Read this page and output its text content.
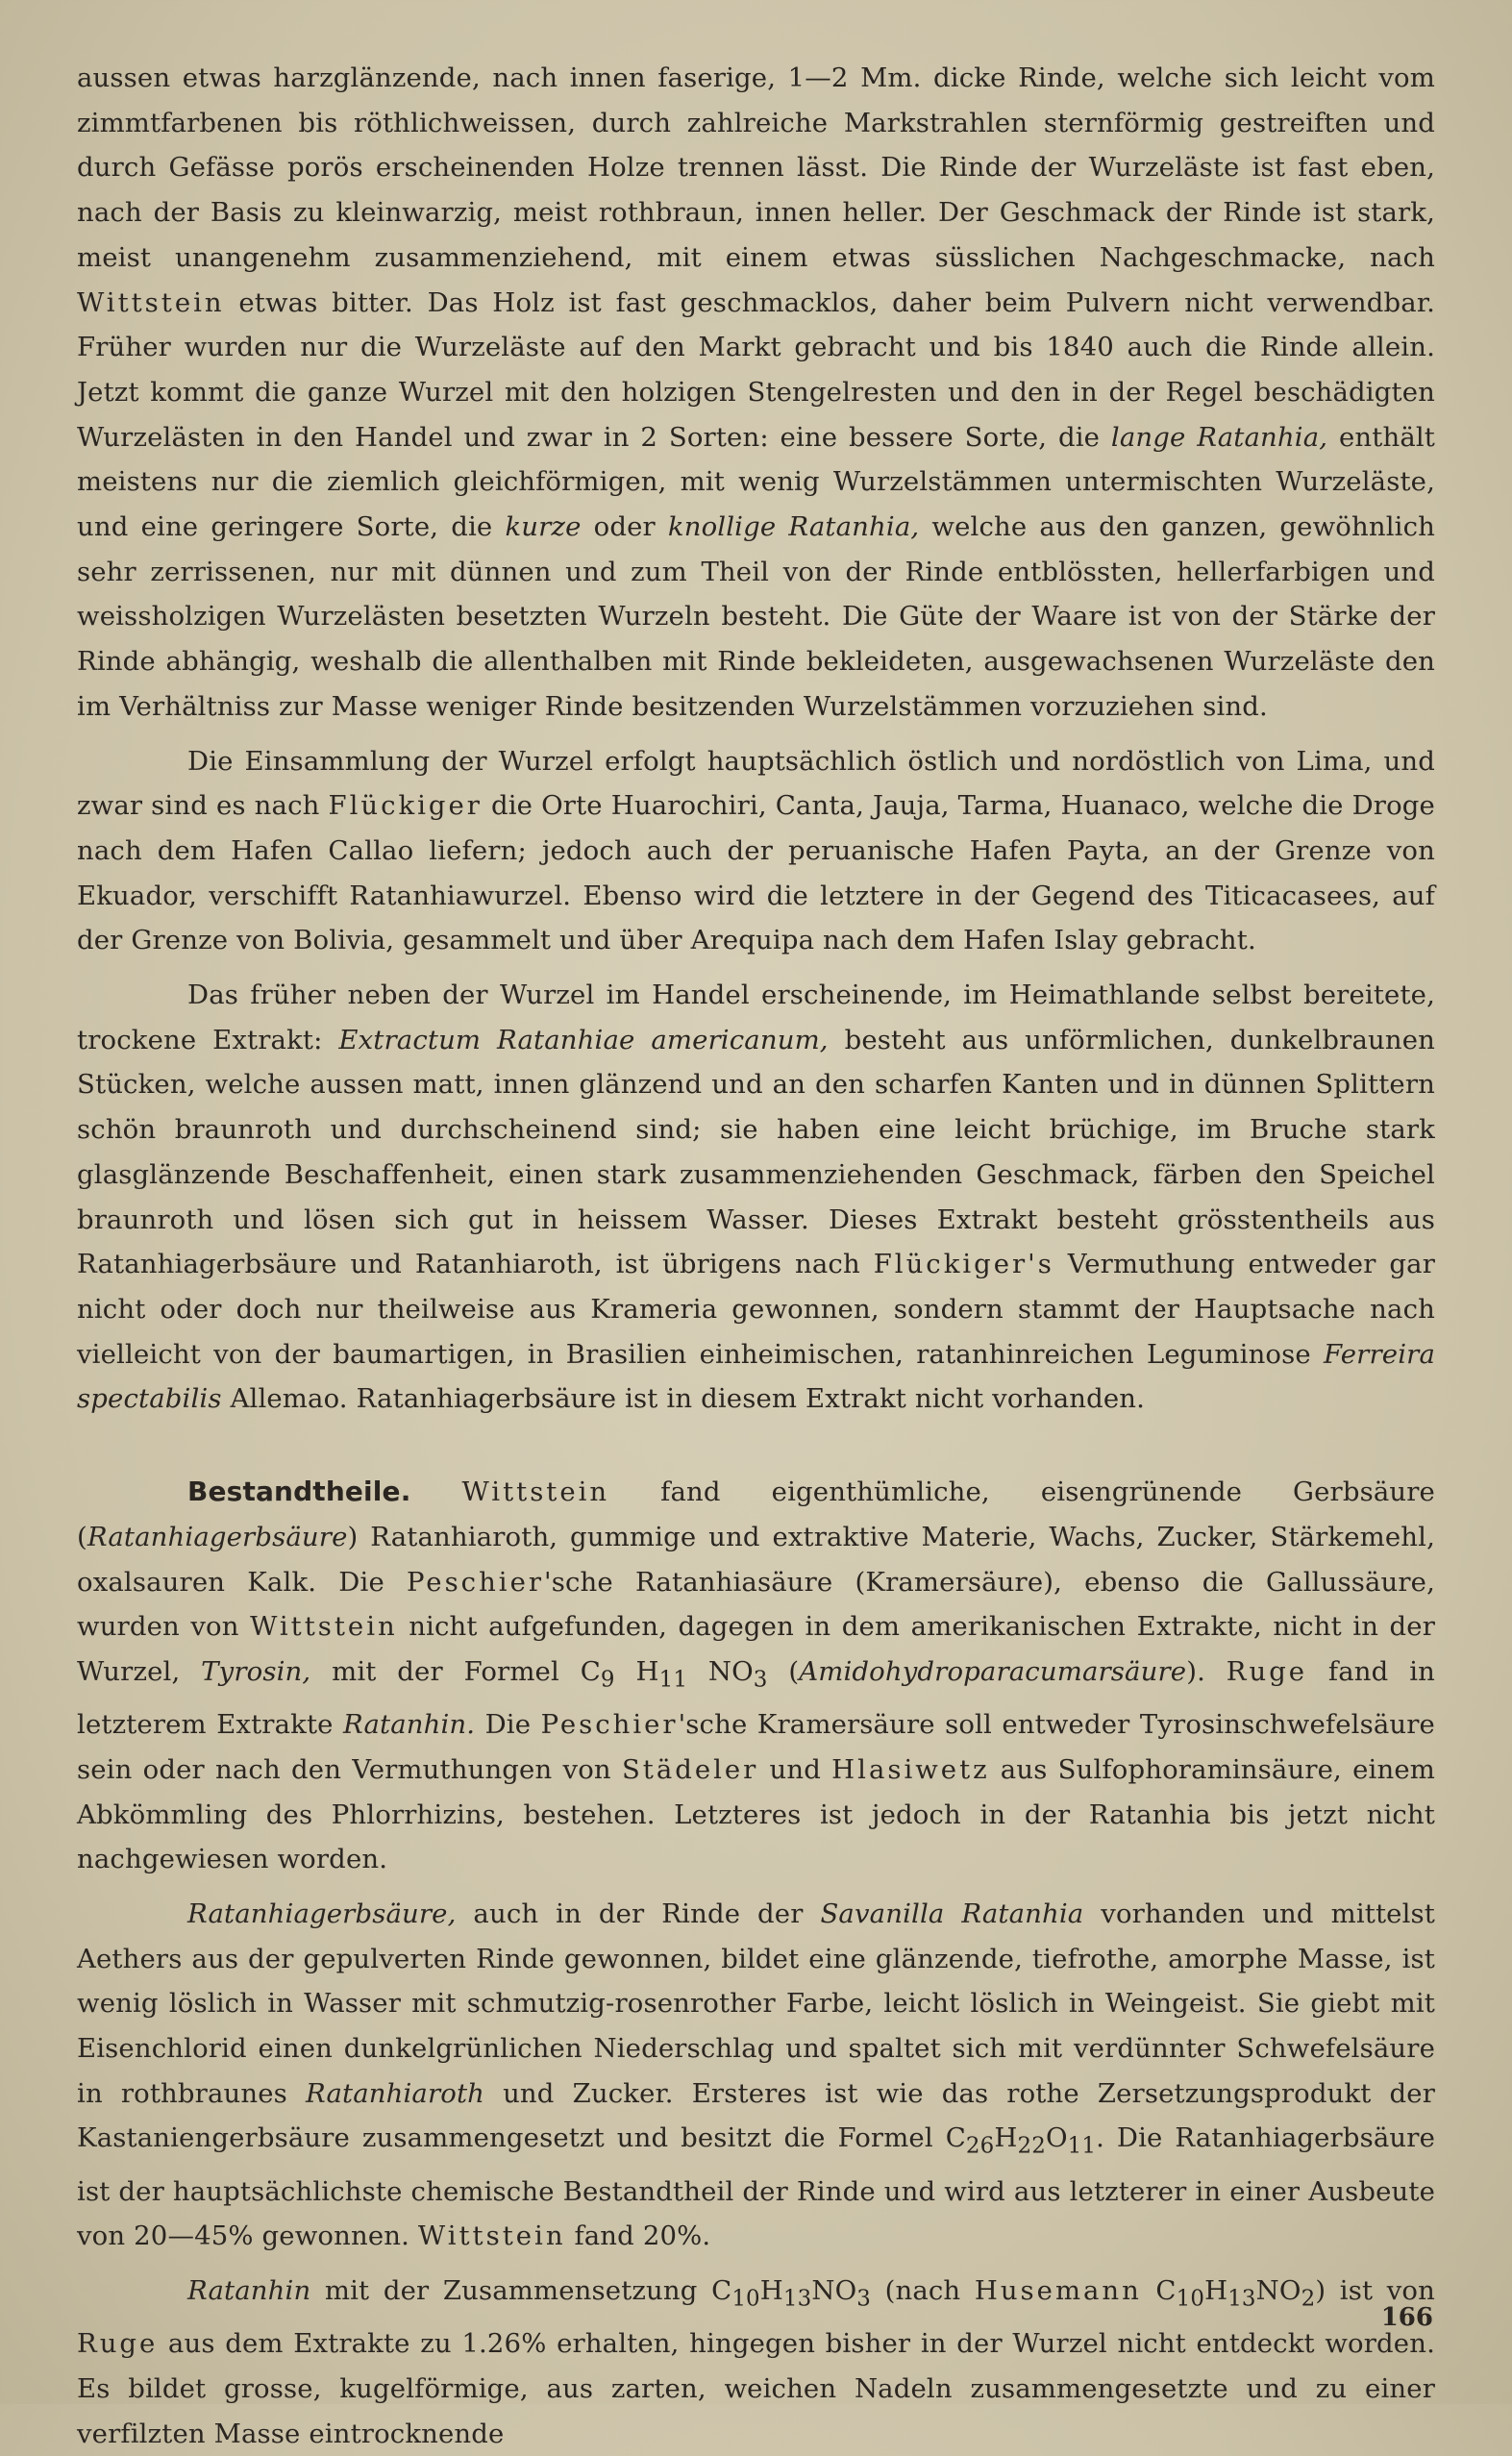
aussen etwas harzglänzende, nach innen faserige, 1—2 Mm. dicke Rinde, welche sich leicht vom zimmtfarbenen bis röthlichweissen, durch zahlreiche Markstrahlen sternförmig gestreiften und durch Gefässe porös erscheinenden Holze trennen lässt. Die Rinde der Wurzeläste ist fast eben, nach der Basis zu kleinwarzig, meist rothbraun, innen heller. Der Geschmack der Rinde ist stark, meist unangenehm zusammenziehend, mit einem etwas süsslichen Nachgeschmacke, nach Wittstein etwas bitter. Das Holz ist fast geschmacklos, daher beim Pulvern nicht verwendbar. Früher wurden nur die Wurzeläste auf den Markt gebracht und bis 1840 auch die Rinde allein. Jetzt kommt die ganze Wurzel mit den holzigen Stengelresten und den in der Regel beschädigten Wurzelästen in den Handel und zwar in 2 Sorten: eine bessere Sorte, die lange Ratanhia, enthält meistens nur die ziemlich gleichförmigen, mit wenig Wurzelstämmen untermischten Wurzeläste, und eine geringere Sorte, die kurze oder knollige Ratanhia, welche aus den ganzen, gewöhnlich sehr zerrissenen, nur mit dünnen und zum Theil von der Rinde entblössten, hellerfarbigen und weissholzigen Wurzelästen besetzten Wurzeln besteht. Die Güte der Waare ist von der Stärke der Rinde abhängig, weshalb die allenthalben mit Rinde bekleideten, ausgewachsenen Wurzeläste den im Verhältniss zur Masse weniger Rinde besitzenden Wurzelstämmen vorzuziehen sind.

Die Einsammlung der Wurzel erfolgt hauptsächlich östlich und nordöstlich von Lima, und zwar sind es nach Flückiger die Orte Huarochiri, Canta, Jauja, Tarma, Huanaco, welche die Droge nach dem Hafen Callao liefern; jedoch auch der peruanische Hafen Payta, an der Grenze von Ekuador, verschifft Ratanhiawurzel. Ebenso wird die letztere in der Gegend des Titicacasees, auf der Grenze von Bolivia, gesammelt und über Arequipa nach dem Hafen Islay gebracht.

Das früher neben der Wurzel im Handel erscheinende, im Heimathlande selbst bereitete, trockene Extrakt: Extractum Ratanhiae americanum, besteht aus unförmlichen, dunkelbraunen Stücken, welche aussen matt, innen glänzend und an den scharfen Kanten und in dünnen Splittern schön braunroth und durchscheinend sind; sie haben eine leicht brüchige, im Bruche stark glasglänzende Beschaffenheit, einen stark zusammenziehenden Geschmack, färben den Speichel braunroth und lösen sich gut in heissem Wasser. Dieses Extrakt besteht grösstentheils aus Ratanhiagerbsäure und Ratanhiaroth, ist übrigens nach Flückiger's Vermuthung entweder gar nicht oder doch nur theilweise aus Krameria gewonnen, sondern stammt der Hauptsache nach vielleicht von der baumartigen, in Brasilien einheimischen, ratanhinreichen Leguminose Ferreira spectabilis Allemao. Ratanhiagerbsäure ist in diesem Extrakt nicht vorhanden.

Bestandtheile. Wittstein fand eigenthümliche, eisengrünende Gerbsäure (Ratanhiagerbsäure) Ratanhiaroth, gummige und extraktive Materie, Wachs, Zucker, Stärkemehl, oxalsauren Kalk. Die Peschier'sche Ratanhiasäure (Kramersäure), ebenso die Gallussäure, wurden von Wittstein nicht aufgefunden, dagegen in dem amerikanischen Extrakte, nicht in der Wurzel, Tyrosin, mit der Formel $C_9$ $H_{11}$ $NO_3$ (Amidohydroparacumarsäure). Ruge fand in letzterem Extrakte Ratanhin. Die Peschier'sche Kramersäure soll entweder Tyrosinschwefelsäure sein oder nach den Vermuthungen von Städeler und Hlasiwetz aus Sulfophoraminsäure, einem Abkömmling des Phlorrhizins, bestehen. Letzteres ist jedoch in der Ratanhia bis jetzt nicht nachgewiesen worden.

Ratanhiagerbsäure, auch in der Rinde der Savanilla Ratanhia vorhanden und mittelst Aethers aus der gepulverten Rinde gewonnen, bildet eine glänzende, tiefrothe, amorphe Masse, ist wenig löslich in Wasser mit schmutzig-rosenrother Farbe, leicht löslich in Weingeist. Sie giebt mit Eisenchlorid einen dunkelgrünlichen Niederschlag und spaltet sich mit verdünnter Schwefelsäure in rothbraunes Ratanhiaroth und Zucker. Ersteres ist wie das rothe Zersetzungsprodukt der Kastaniengerbsäure zusammengesetzt und besitzt die Formel $C_{26}H_{22}O_{11}$. Die Ratanhiagerbsäure ist der hauptsächlichste chemische Bestandtheil der Rinde und wird aus letzterer in einer Ausbeute von 20—45% gewonnen. Wittstein fand 20%.

Ratanhin mit der Zusammensetzung $C_{10}H_{13}NO_3$ (nach Husemann $C_{10}H_{13}NO_2$) ist von Ruge aus dem Extrakte zu 1.26% erhalten, hingegen bisher in der Wurzel nicht entdeckt worden. Es bildet grosse, kugelförmige, aus zarten, weichen Nadeln zusammengesetzte und zu einer verfilzten Masse eintrocknende

166
